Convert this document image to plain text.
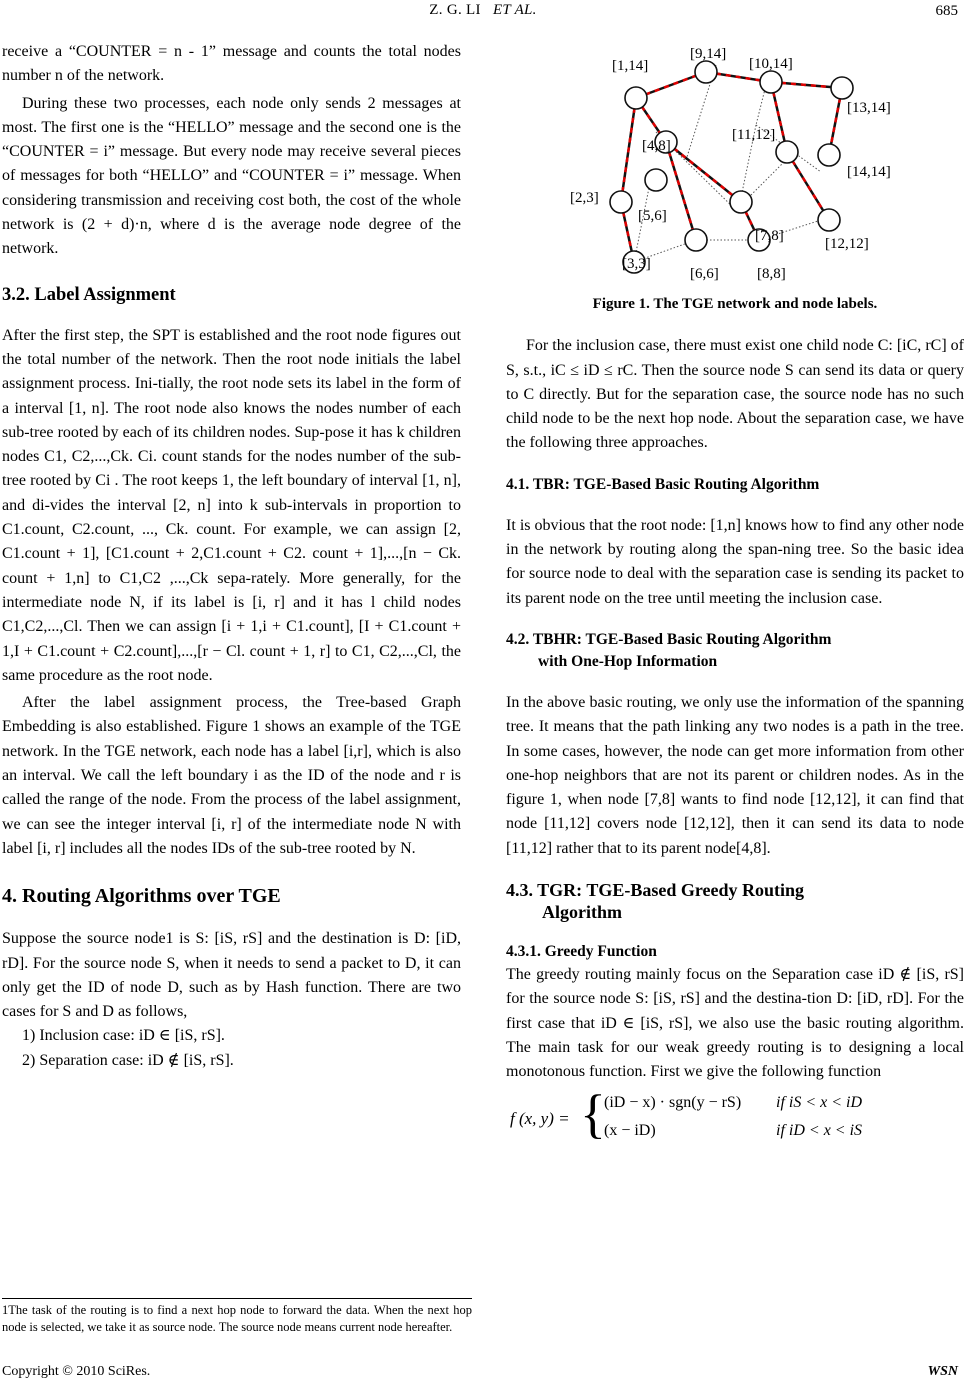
Z. G. LI ET AL.	685

receive a “COUNTER = n - 1” message and counts the total nodes number n of the network.

During these two processes, each node only sends 2 messages at most. The first one is the “HELLO” message and the second one is the “COUNTER = i” message. But every node may receive several pieces of messages for both “HELLO” and “COUNTER = i” message. When considering transmission and receiving cost both, the cost of the whole network is (2 + d)·n, where d is the average node degree of the network.

3.2. Label Assignment

After the first step, the SPT is established and the root node figures out the total number of the network. Then the root node initials the label assignment process. Ini-tially, the root node sets its label in the form of a interval [1, n]. The root node also knows the nodes number of each sub-tree rooted by each of its children nodes. Sup-pose it has k children nodes C1, C2,...,Ck. Ci. count stands for the nodes number of the sub-tree rooted by Ci . The root keeps 1, the left boundary of interval [1, n], and di-vides the interval [2, n] into k sub-intervals in proportion to C1.count, C2.count, ..., Ck. count. For example, we can assign [2, C1.count + 1], [C1.count + 2,C1.count + C2. count + 1],...,[n − Ck. count + 1,n] to C1,C2 ,...,Ck sepa-rately. More generally, for the intermediate node N, if its label is [i, r] and it has l child nodes C1,C2,...,Cl. Then we can assign [i + 1,i + C1.count], [I + C1.count + 1,I + C1.count + C2.count],...,[r − Cl. count + 1, r] to C1, C2,...,Cl, the same procedure as the root node.

After the label assignment process, the Tree-based Graph Embedding is also established. Figure 1 shows an example of the TGE network. In the TGE network, each node has a label [i,r], which is also an interval. We call the left boundary i as the ID of the node and r is called the range of the node. From the process of the label assignment, we can see the integer interval [i, r] of the intermediate node N with label [i, r] includes all the nodes IDs of the sub-tree rooted by N.

4. Routing Algorithms over TGE

Suppose the source node1 is S: [iS, rS] and the destination is D: [iD, rD]. For the source node S, when it needs to send a packet to D, it can only get the ID of node D, such as by Hash function. There are two cases for S and D as follows,

1) Inclusion case: iD ∈ [iS, rS].

2) Separation case: iD ∉ [iS, rS].

1The task of the routing is to find a next hop node to forward the data. When the next hop node is selected, we take it as source node. The source node means current node hereafter.
[1,14]
[9,14]
[10,14]
[13,14]
[11,12]
[4,8]
[2,3]
[5,6]
[7,8]
[14,14]
[12,12]
[3,3]
[6,6]	[8,8]

Figure 1. The TGE network and node labels.

For the inclusion case, there must exist one child node C: [iC, rC] of S, s.t., iC ≤ iD ≤ rC. Then the source node S can send its data or query to C directly. But for the separation case, the source node has no such child node to be the next hop node. About the separation case, we have the following three approaches.

4.1. TBR: TGE-Based Basic Routing Algorithm

It is obvious that the root node: [1,n] knows how to find any other node in the network by routing along the span-ning tree. So the basic idea for source node to deal with the separation case is sending its packet to its parent node on the tree until meeting the inclusion case.

4.2. TBHR: TGE-Based Basic Routing Algorithm
with One-Hop Information

In the above basic routing, we only use the information of the spanning tree. It means that the path linking any two nodes is a path in the tree. In some cases, however, the node can get more information from other one-hop neighbors that are not its parent or children nodes. As in the figure 1, when node [7,8] wants to find node [12,12], it can find that node [11,12] covers node [12,12], then it can send its data to node [11,12] rather that to its parent node[4,8].

4.3. TGR: TGE-Based Greedy Routing
Algorithm
4.3.1. Greedy Function

The greedy routing mainly focus on the Separation case iD ∉ [iS, rS] for the source node S: [iS, rS] and the destina-tion D: [iD, rD]. For the first case that iD ∈ [iS, rS], we also use the basic routing algorithm. The main task for our weak greedy routing is to designing a local monotonous function. First we give the following function

f (x, y) = {
(iD − x) · sgn(y − rS) if iS < x < iD
(x − iD)	if iD < x < iS
Copyright © 2010 SciRes.	WSN
